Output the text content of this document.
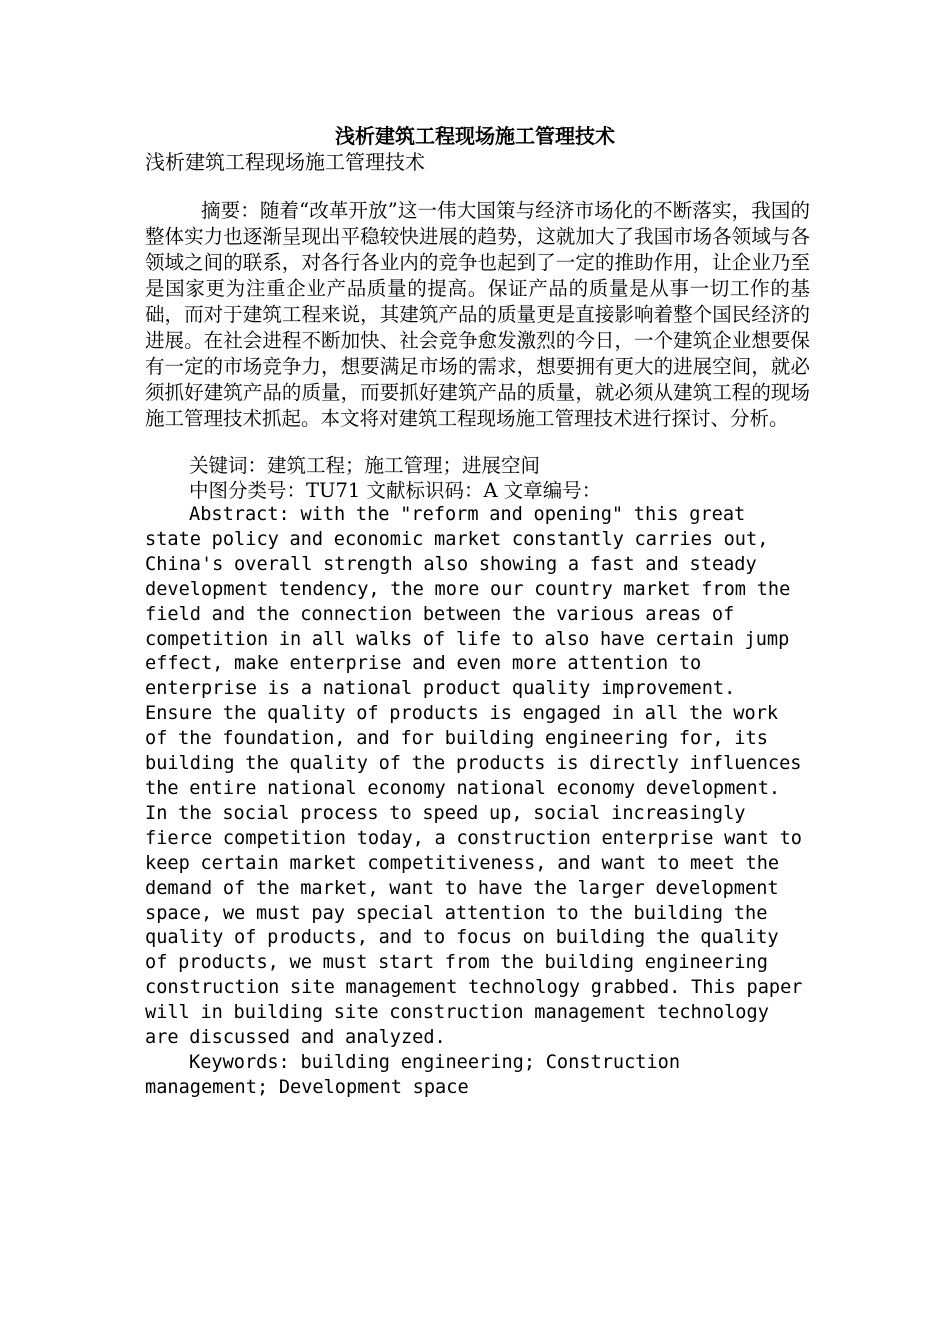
浅析建筑工程现场施工管理技术

浅析建筑工程现场施工管理技术

摘要：随着“改革开放”这一伟大国策与经济市场化的不断落实，我国的整体实力也逐渐呈现出平稳较快进展的趋势，这就加大了我国市场各领域与各领域之间的联系，对各行各业内的竞争也起到了一定的推助作用，让企业乃至是国家更为注重企业产品质量的提高。保证产品的质量是从事一切工作的基础，而对于建筑工程来说，其建筑产品的质量更是直接影响着整个国民经济的进展。在社会进程不断加快、社会竞争愈发激烈的今日，一个建筑企业想要保有一定的市场竞争力，想要满足市场的需求，想要拥有更大的进展空间，就必须抓好建筑产品的质量，而要抓好建筑产品的质量，就必须从建筑工程的现场施工管理技术抓起。本文将对建筑工程现场施工管理技术进行探讨、分析。

关键词：建筑工程；施工管理；进展空间

中图分类号：TU71 文献标识码：A 文章编号：

Abstract: with the "reform and opening" this great state policy and economic market constantly carries out, China's overall strength also showing a fast and steady development tendency, the more our country market from the field and the connection between the various areas of competition in all walks of life to also have certain jump effect, make enterprise and even more attention to enterprise is a national product quality improvement. Ensure the quality of products is engaged in all the work of the foundation, and for building engineering for, its building the quality of the products is directly influences the entire national economy national economy development. In the social process to speed up, social increasingly fierce competition today, a construction enterprise want to keep certain market competitiveness, and want to meet the demand of the market, want to have the larger development space, we must pay special attention to the building the quality of products, and to focus on building the quality of products, we must start from the building engineering construction site management technology grabbed. This paper will in building site construction management technology are discussed and analyzed.

Keywords: building engineering; Construction management; Development space
